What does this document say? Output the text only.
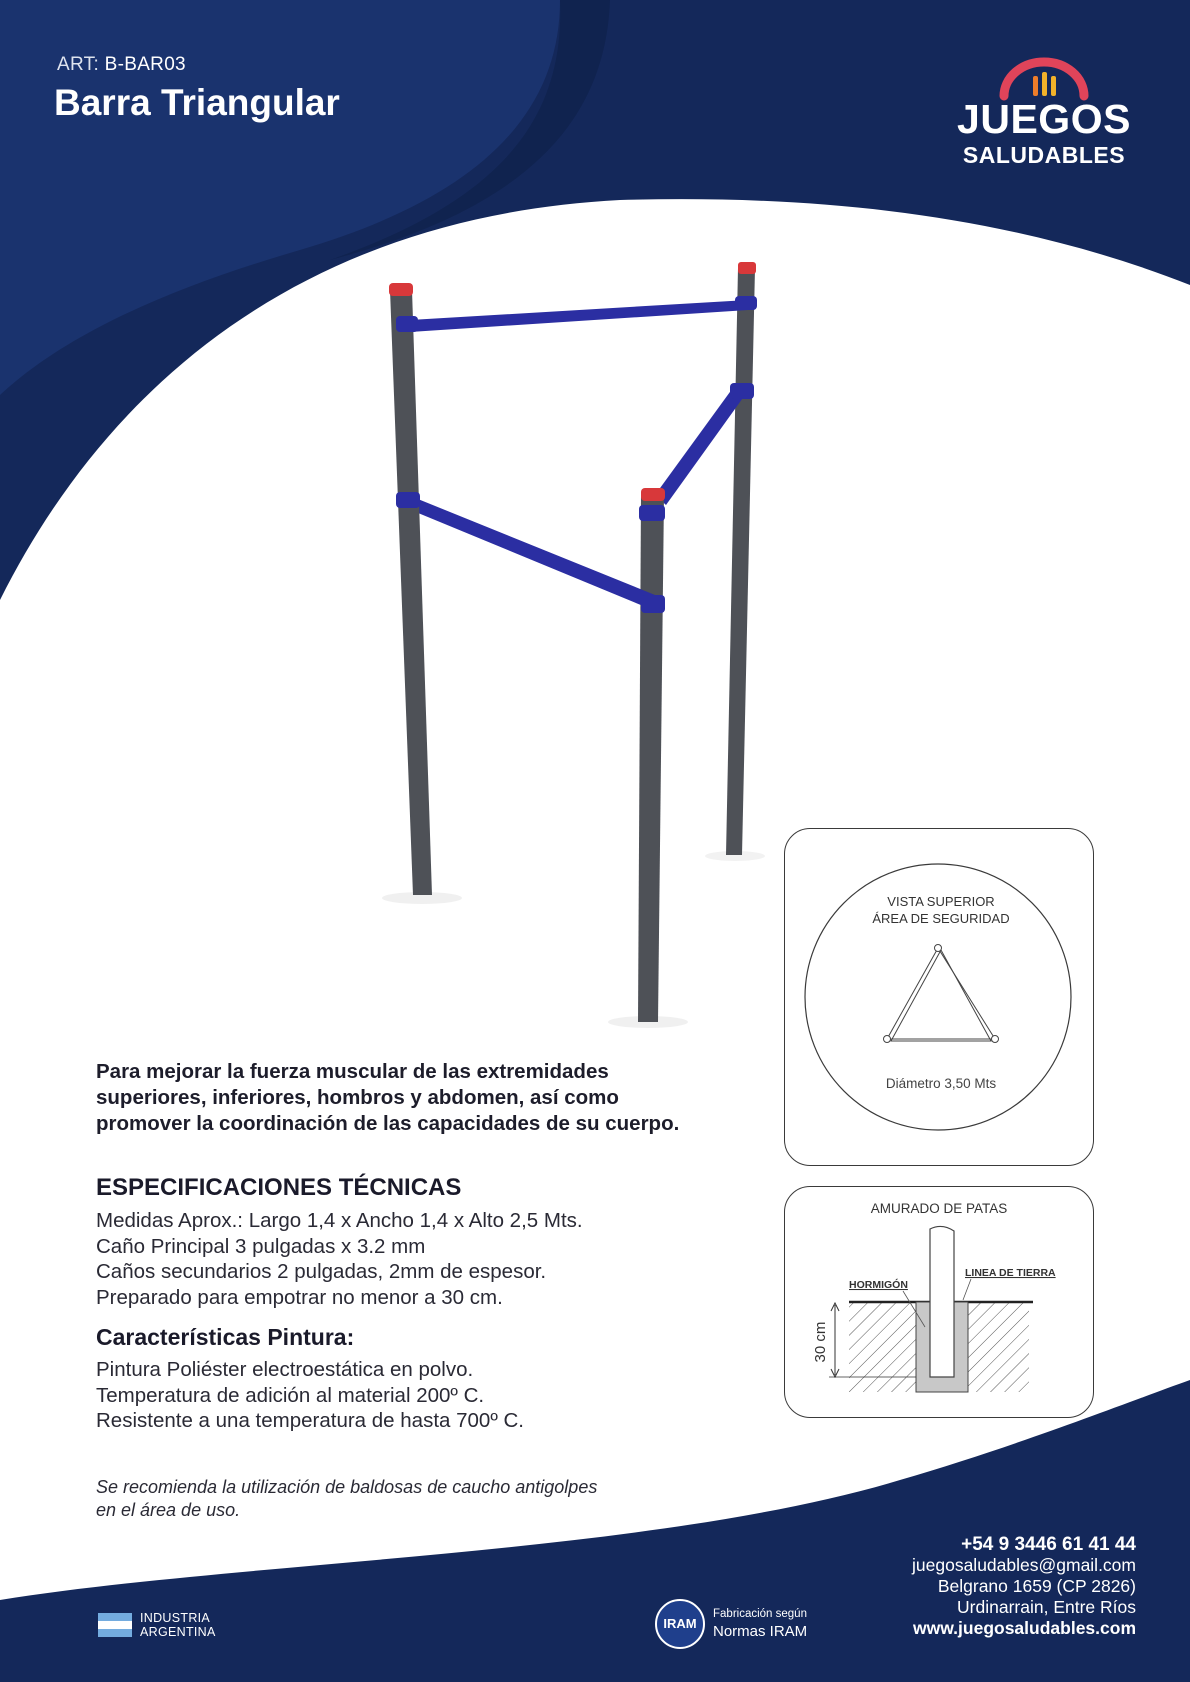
ART: B-BAR03
Barra Triangular	JUEGOS
SALUDABLES
Para mejorar la fuerza muscular de las extremidades superiores, inferiores, hombros y abdomen, así como promover la coordinación de las capacidades de su cuerpo.
ESPECIFICACIONES TÉCNICAS
Medidas Aprox.: Largo 1,4 x Ancho 1,4 x Alto 2,5 Mts.
Caño Principal 3 pulgadas x 3.2 mm
Caños secundarios 2 pulgadas, 2mm de espesor.
Preparado para empotrar no menor a 30 cm.
Características Pintura:
Pintura Poliéster electroestática en polvo.
Temperatura de adición al material 200º C.
Resistente a una temperatura de hasta 700º C.
Se recomienda la utilización de baldosas de caucho antigolpes en el área de uso.
VISTA SUPERIOR
ÁREA DE SEGURIDAD
Diámetro 3,50 Mts
AMURADO DE PATAS
HORMIGÓN
LINEA DE TIERRA
30 cm
+54 9 3446 61 41 44
juegosaludables@gmail.com
Belgrano 1659 (CP 2826)
Urdinarrain, Entre Ríos
www.juegosaludables.com
INDUSTRIA
ARGENTINA
IRAM
Fabricación según
Normas IRAM
